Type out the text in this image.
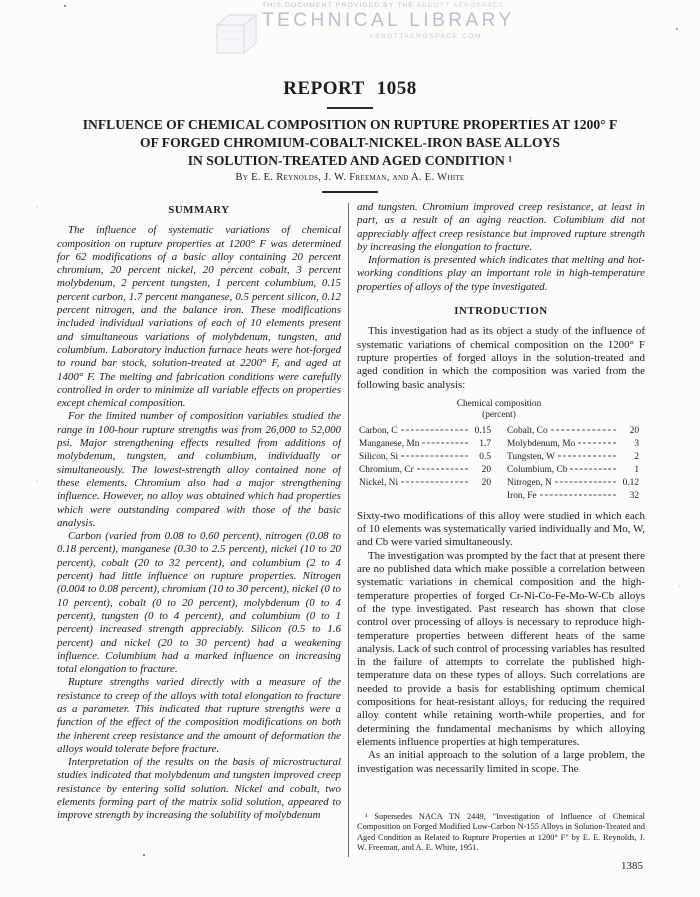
THIS DOCUMENT PROVIDED BY THE ABBOTT AEROSPACE
TECHNICAL LIBRARY
ABBOTTAEROSPACE.COM
REPORT 1058
INFLUENCE OF CHEMICAL COMPOSITION ON RUPTURE PROPERTIES AT 1200° F
OF FORGED CHROMIUM-COBALT-NICKEL-IRON BASE ALLOYS
IN SOLUTION-TREATED AND AGED CONDITION ¹
By E. E. Reynolds, J. W. Freeman, and A. E. White
SUMMARY

The influence of systematic variations of chemical composition on rupture properties at 1200° F was determined for 62 modifications of a basic alloy containing 20 percent chromium, 20 percent nickel, 20 percent cobalt, 3 percent molybdenum, 2 percent tungsten, 1 percent columbium, 0.15 percent carbon, 1.7 percent manganese, 0.5 percent silicon, 0.12 percent nitrogen, and the balance iron. These modifications included individual variations of each of 10 elements present and simultaneous variations of molybdenum, tungsten, and columbium. Laboratory induction furnace heats were hot-forged to round bar stock, solution-treated at 2200° F, and aged at 1400° F. The melting and fabrication conditions were carefully controlled in order to minimize all variable effects on properties except chemical composition.

For the limited number of composition variables studied the range in 100-hour rupture strengths was from 26,000 to 52,000 psi. Major strengthening effects resulted from additions of molybdenum, tungsten, and columbium, individually or simultaneously. The lowest-strength alloy contained none of these elements. Chromium also had a major strengthening influence. However, no alloy was obtained which had properties which were outstanding compared with those of the basic analysis.

Carbon (varied from 0.08 to 0.60 percent), nitrogen (0.08 to 0.18 percent), manganese (0.30 to 2.5 percent), nickel (10 to 20 percent), cobalt (20 to 32 percent), and columbium (2 to 4 percent) had little influence on rupture properties. Nitrogen (0.004 to 0.08 percent), chromium (10 to 30 percent), nickel (0 to 10 percent), cobalt (0 to 20 percent), molybdenum (0 to 4 percent), tungsten (0 to 4 percent), and columbium (0 to 1 percent) increased strength appreciably. Silicon (0.5 to 1.6 percent) and nickel (20 to 30 percent) had a weakening influence. Columbium had a marked influence on increasing total elongation to fracture.

Rupture strengths varied directly with a measure of the resistance to creep of the alloys with total elongation to fracture as a parameter. This indicated that rupture strengths were a function of the effect of the composition modifications on both the inherent creep resistance and the amount of deformation the alloys would tolerate before fracture.

Interpretation of the results on the basis of microstructural studies indicated that molybdenum and tungsten improved creep resistance by entering solid solution. Nickel and cobalt, two elements forming part of the matrix solid solution, appeared to improve strength by increasing the solubility of molybdenum

and tungsten. Chromium improved creep resistance, at least in part, as a result of an aging reaction. Columbium did not appreciably affect creep resistance but improved rupture strength by increasing the elongation to fracture.

Information is presented which indicates that melting and hot-working conditions play an important role in high-temperature properties of alloys of the type investigated.

INTRODUCTION

This investigation had as its object a study of the influence of systematic variations of chemical composition on the 1200° F rupture properties of forged alloys in the solution-treated and aged condition in which the composition was varied from the following basic analysis:

Chemical composition
(percent)
Carbon, C	0.15
Manganese, Mn	1.7
Silicon, Si	0.5
Chromium, Cr	20
Nickel, Ni	20
Cobalt, Co	20
Molybdenum, Mo	3
Tungsten, W	2
Columbium, Cb	1
Nitrogen, N	0.12
Iron, Fe	32

Sixty-two modifications of this alloy were studied in which each of 10 elements was systematically varied individually and Mo, W, and Cb were varied simultaneously.

The investigation was prompted by the fact that at present there are no published data which make possible a correlation between systematic variations in chemical composition and the high-temperature properties of forged Cr-Ni-Co-Fe-Mo-W-Cb alloys of the type investigated. Past research has shown that close control over processing of alloys is necessary to reproduce high-temperature properties between different heats of the same analysis. Lack of such control of processing variables has resulted in the failure of attempts to correlate the published high-temperature data on these types of alloys. Such correlations are needed to provide a basis for establishing optimum chemical compositions for heat-resistant alloys, for reducing the required alloy content while retaining worth-while properties, and for determining the fundamental mechanisms by which alloying elements influence properties at high temperatures.

As an initial approach to the solution of a large problem, the investigation was necessarily limited in scope. The

¹ Supersedes NACA TN 2449, "Investigation of Influence of Chemical Composition on Forged Modified Low-Carbon N-155 Alloys in Solution-Treated and Aged Condition as Related to Rupture Properties at 1200° F" by E. E. Reynolds, J. W. Freeman, and A. E. White, 1951.
1385
